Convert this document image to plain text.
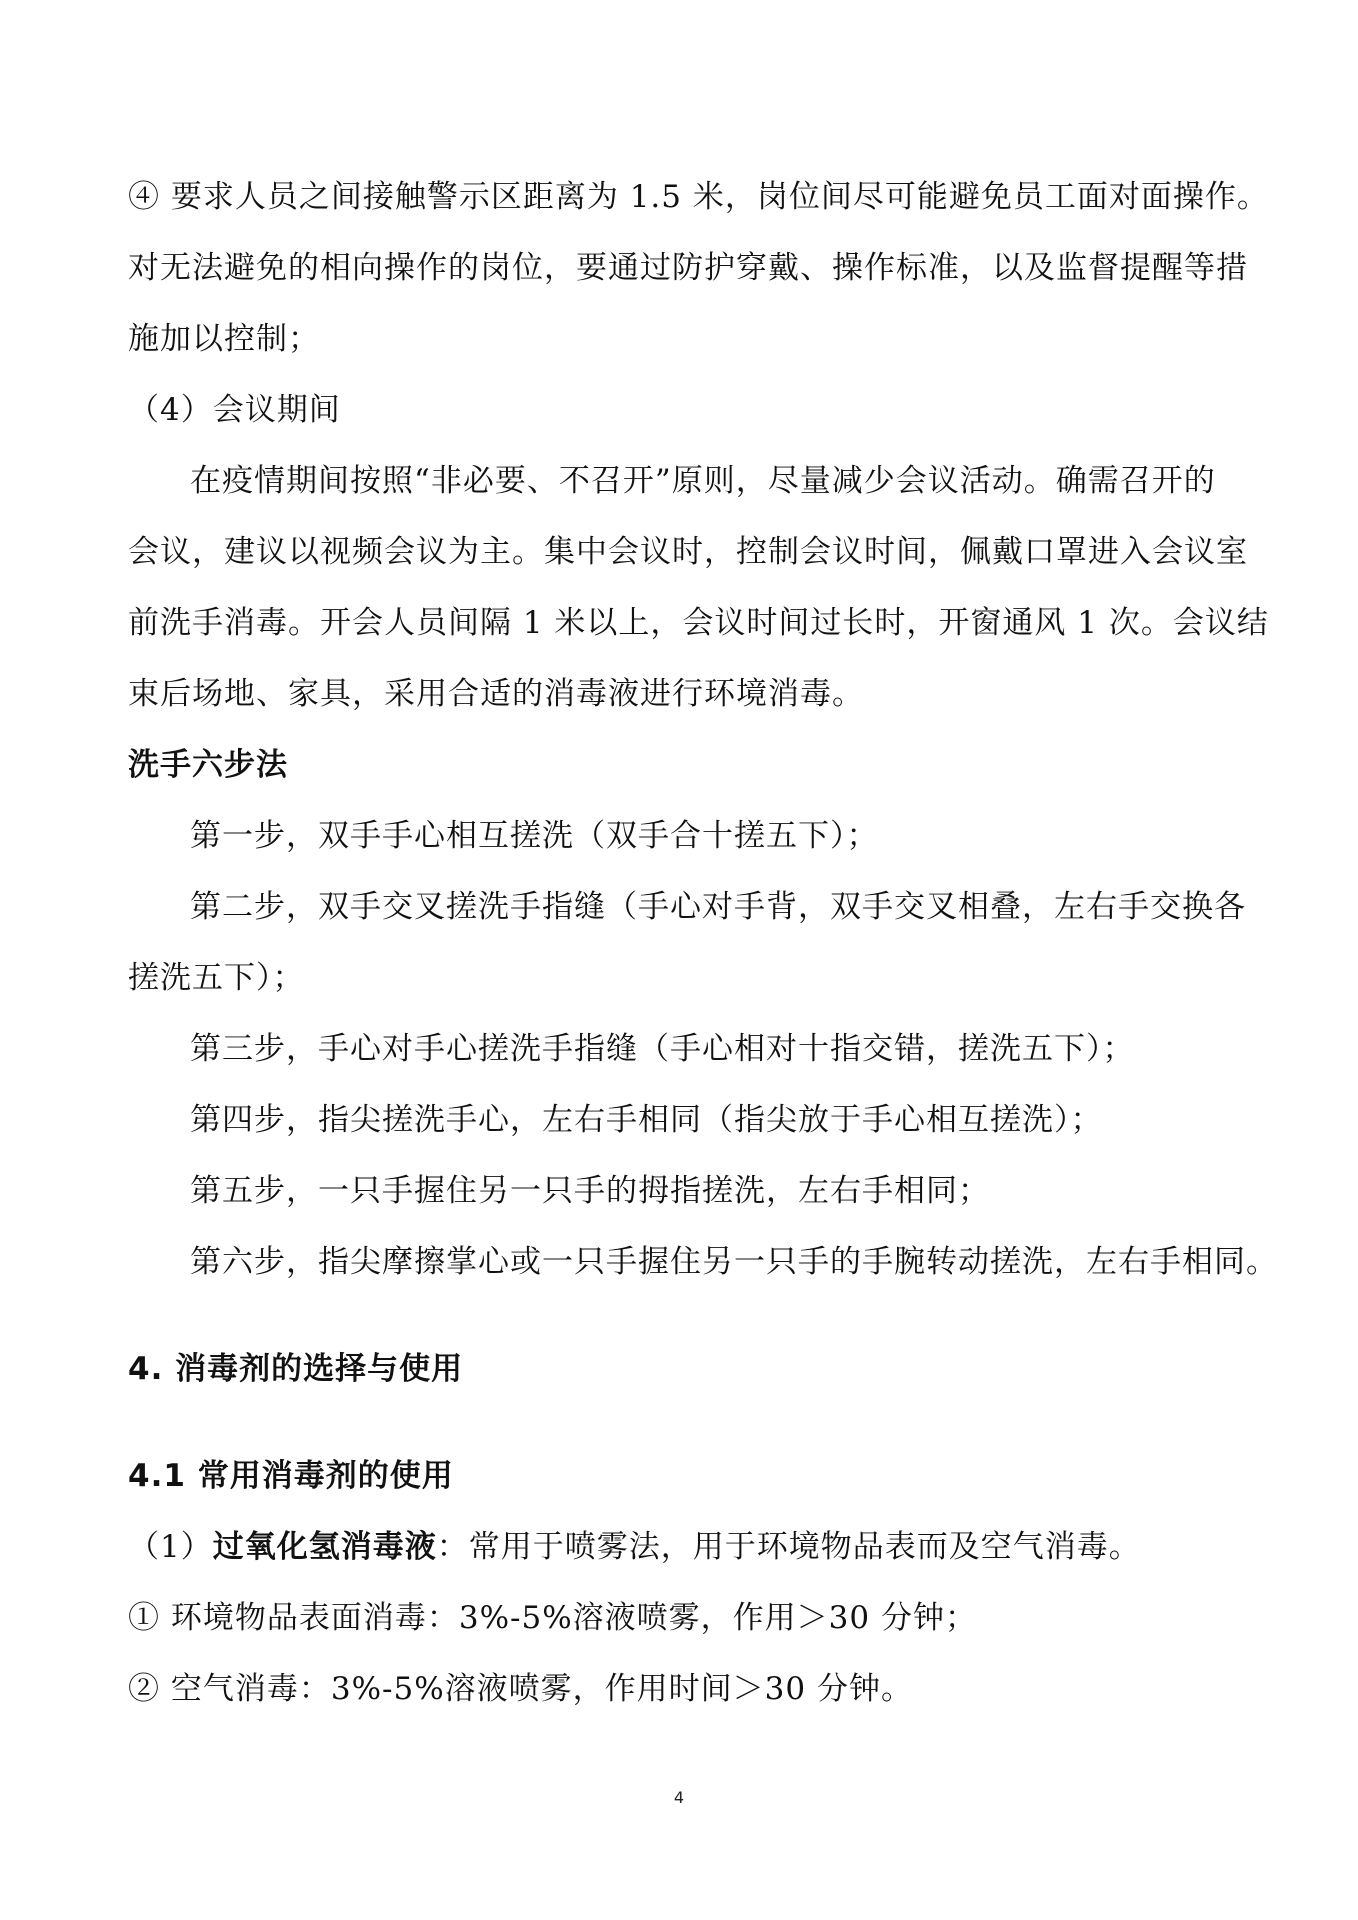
④ 要求人员之间接触警示区距离为 1.5 米，岗位间尽可能避免员工面对面操作。
对无法避免的相向操作的岗位，要通过防护穿戴、操作标准，以及监督提醒等措
施加以控制；
（4）会议期间
在疫情期间按照“非必要、不召开”原则，尽量减少会议活动。确需召开的
会议，建议以视频会议为主。集中会议时，控制会议时间，佩戴口罩进入会议室
前洗手消毒。开会人员间隔 1 米以上，会议时间过长时，开窗通风 1 次。会议结
束后场地、家具，采用合适的消毒液进行环境消毒。
洗手六步法
第一步，双手手心相互搓洗（双手合十搓五下）；
第二步，双手交叉搓洗手指缝（手心对手背，双手交叉相叠，左右手交换各
搓洗五下）；
第三步，手心对手心搓洗手指缝（手心相对十指交错，搓洗五下）；
第四步，指尖搓洗手心，左右手相同（指尖放于手心相互搓洗）；
第五步，一只手握住另一只手的拇指搓洗，左右手相同；
第六步，指尖摩擦掌心或一只手握住另一只手的手腕转动搓洗，左右手相同。
4. 消毒剂的选择与使用
4.1 常用消毒剂的使用
（1）过氧化氢消毒液：常用于喷雾法，用于环境物品表而及空气消毒。
① 环境物品表面消毒：3%-5%溶液喷雾，作用＞30 分钟；
② 空气消毒：3%-5%溶液喷雾，作用时间＞30 分钟。
4
